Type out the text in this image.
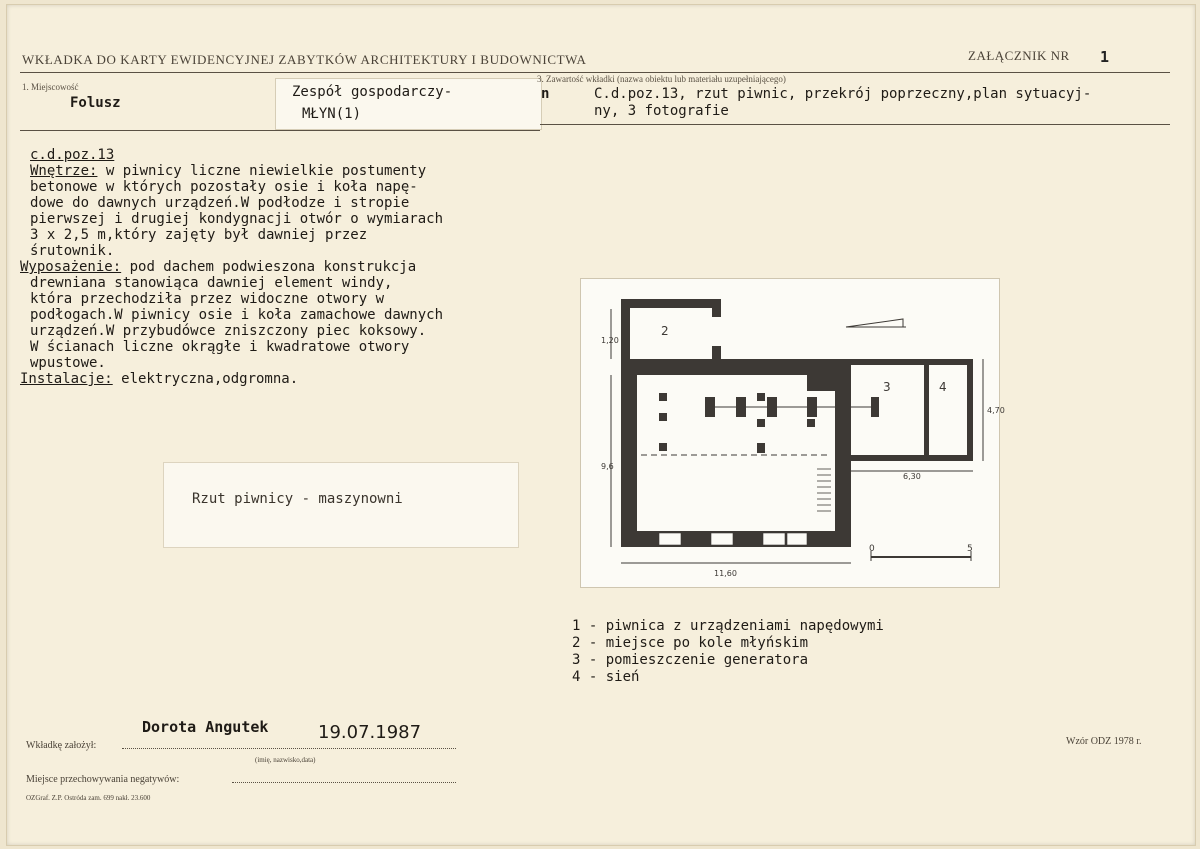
WKŁADKA DO KARTY EWIDENCYJNEJ ZABYTKÓW ARCHITEKTURY I BUDOWNICTWA	ZAŁĄCZNIK NR 1
1. Miejscowość
Folusz
Zespół gospodarczy-
MŁYN(1)
n
3. Zawartość wkładki (nazwa obiektu lub materiału uzupełniającego)
C.d.poz.13, rzut piwnic, przekrój poprzeczny,plan sytuacyj-
ny, 3 fotografie
c.d.poz.13
Wnętrze: w piwnicy liczne niewielkie postumenty
betonowe w których pozostały osie i koła napę-
dowe do dawnych urządzeń.W podłodze i stropie
pierwszej i drugiej kondygnacji otwór o wymiarach
3 x 2,5 m,który zajęty był dawniej przez
śrutownik.
Wyposażenie: pod dachem podwieszona konstrukcja
drewniana stanowiąca dawniej element windy,
która przechodziła przez widoczne otwory w
podłogach.W piwnicy osie i koła zamachowe dawnych
urządzeń.W przybudówce zniszczony piec koksowy.
W ścianach liczne okrągłe i kwadratowe otwory
wpustowe.
Instalacje: elektryczna,odgromna.
Rzut piwnicy - maszynowni
2
3	4
11,60
9,6
6,30
4,70
1,20
0	5
1 - piwnica z urządzeniami napędowymi
2 - miejsce po kole młyńskim
3 - pomieszczenie generatora
4 - sień
Dorota Angutek	19.07.1987
Wkładkę założył:
(imię, nazwisko,data)
Miejsce przechowywania negatywów:
OZGraf. Z.P. Ostróda zam. 699 nakł. 23.600
Wzór ODZ 1978 r.
